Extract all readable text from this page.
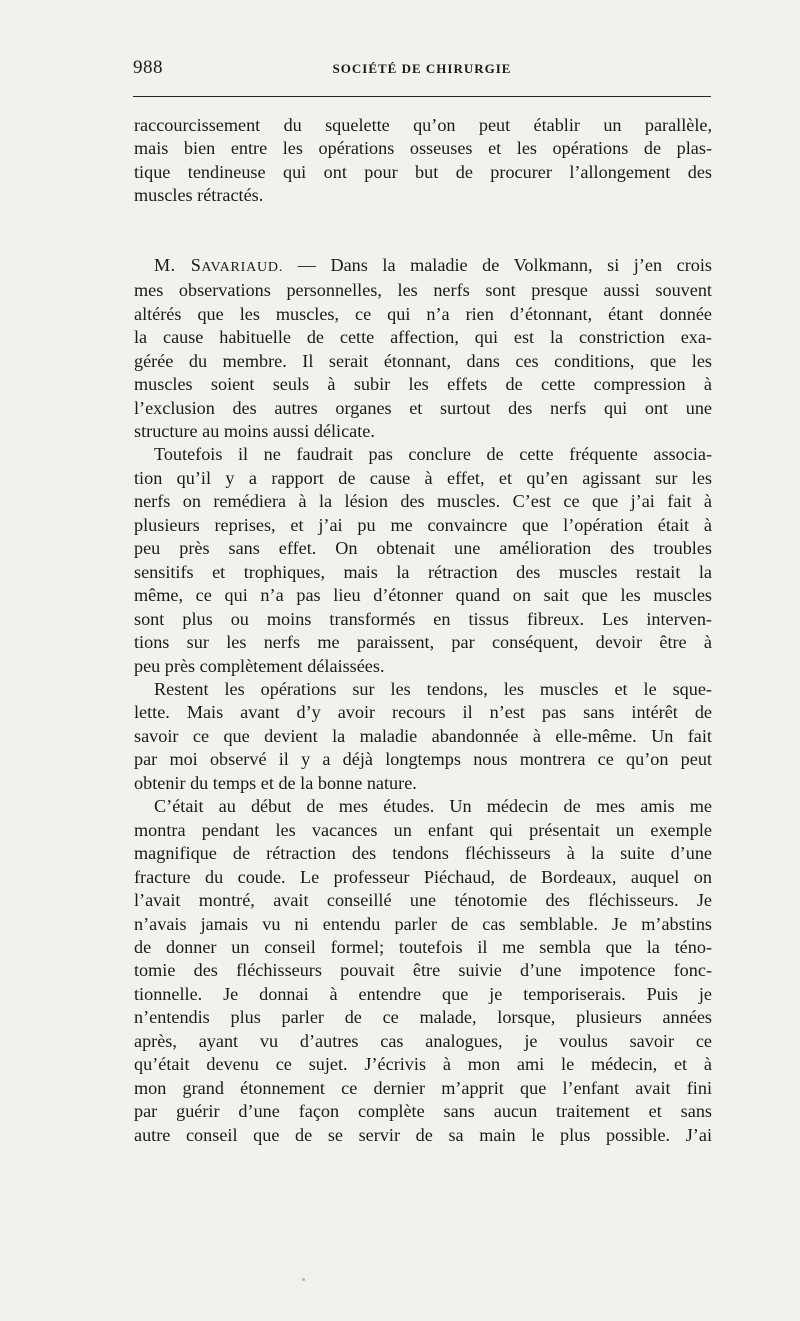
988	SOCIÉTÉ DE CHIRURGIE
raccourcissement du squelette qu’on peut établir un parallèle,
mais bien entre les opérations osseuses et les opérations de plas-
tique tendineuse qui ont pour but de procurer l’allongement des
muscles rétractés.
M. SAVARIAUD. — Dans la maladie de Volkmann, si j’en crois
mes observations personnelles, les nerfs sont presque aussi souvent
altérés que les muscles, ce qui n’a rien d’étonnant, étant donnée
la cause habituelle de cette affection, qui est la constriction exa-
gérée du membre. Il serait étonnant, dans ces conditions, que les
muscles soient seuls à subir les effets de cette compression à
l’exclusion des autres organes et surtout des nerfs qui ont une
structure au moins aussi délicate.
Toutefois il ne faudrait pas conclure de cette fréquente associa-
tion qu’il y a rapport de cause à effet, et qu’en agissant sur les
nerfs on remédiera à la lésion des muscles. C’est ce que j’ai fait à
plusieurs reprises, et j’ai pu me convaincre que l’opération était à
peu près sans effet. On obtenait une amélioration des troubles
sensitifs et trophiques, mais la rétraction des muscles restait la
même, ce qui n’a pas lieu d’étonner quand on sait que les muscles
sont plus ou moins transformés en tissus fibreux. Les interven-
tions sur les nerfs me paraissent, par conséquent, devoir être à
peu près complètement délaissées.
Restent les opérations sur les tendons, les muscles et le sque-
lette. Mais avant d’y avoir recours il n’est pas sans intérêt de
savoir ce que devient la maladie abandonnée à elle-même. Un fait
par moi observé il y a déjà longtemps nous montrera ce qu’on peut
obtenir du temps et de la bonne nature.
C’était au début de mes études. Un médecin de mes amis me
montra pendant les vacances un enfant qui présentait un exemple
magnifique de rétraction des tendons fléchisseurs à la suite d’une
fracture du coude. Le professeur Piéchaud, de Bordeaux, auquel on
l’avait montré, avait conseillé une ténotomie des fléchisseurs. Je
n’avais jamais vu ni entendu parler de cas semblable. Je m’abstins
de donner un conseil formel; toutefois il me sembla que la téno-
tomie des fléchisseurs pouvait être suivie d’une impotence fonc-
tionnelle. Je donnai à entendre que je temporiserais. Puis je
n’entendis plus parler de ce malade, lorsque, plusieurs années
après, ayant vu d’autres cas analogues, je voulus savoir ce
qu’était devenu ce sujet. J’écrivis à mon ami le médecin, et à
mon grand étonnement ce dernier m’apprit que l’enfant avait fini
par guérir d’une façon complète sans aucun traitement et sans
autre conseil que de se servir de sa main le plus possible. J’ai
